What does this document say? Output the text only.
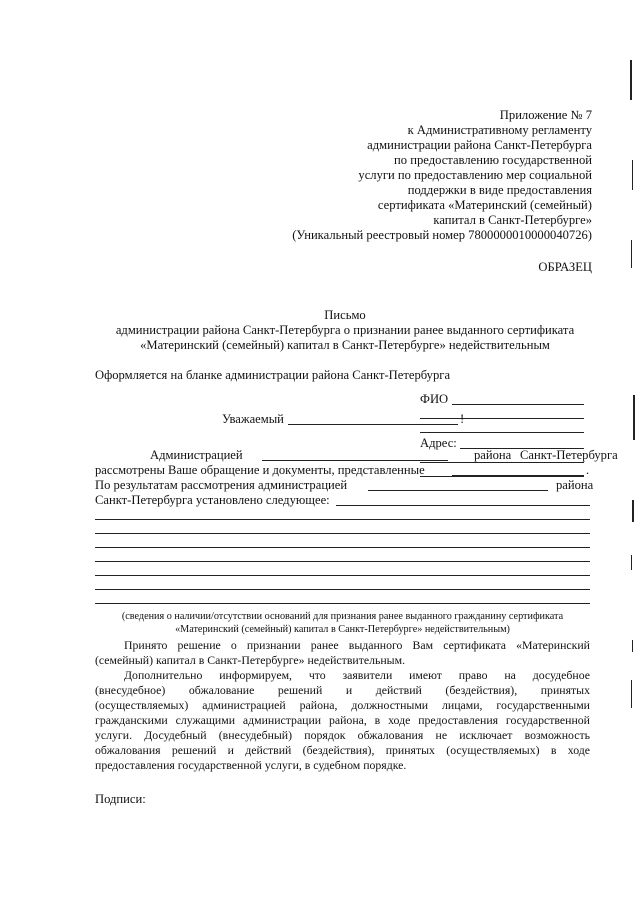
Приложение № 7
к Административному регламенту
администрации района Санкт-Петербурга
по предоставлению государственной
услуги по предоставлению мер социальной
поддержки в виде предоставления
сертификата «Материнский (семейный)
капитал в Санкт-Петербурге»
(Уникальный реестровый номер 7800000010000040726)
ОБРАЗЕЦ
Письмо
администрации района Санкт-Петербурга о признании ранее выданного сертификата
«Материнский (семейный) капитал в Санкт-Петербурге» недействительным
Оформляется на бланке администрации района Санкт-Петербурга
ФИО
Адрес:
Уважаемый	!
Администрацией	района Санкт-Петербурга
рассмотрены Ваше обращение и документы, представленные	.
По результатам рассмотрения администрацией	района
Санкт-Петербурга установлено следующее:
(сведения о наличии/отсутствии оснований для признания ранее выданного гражданину сертификата
«Материнский (семейный) капитал в Санкт-Петербурге» недействительным)
Принято решение о признании ранее выданного Вам сертификата «Материнский
(семейный) капитал в Санкт-Петербурге» недействительным.
Дополнительно информируем, что заявители имеют право на досудебное
(внесудебное) обжалование решений и действий (бездействия), принятых
(осуществляемых) администрацией района, должностными лицами, государственными
гражданскими служащими администрации района, в ходе предоставления государственной
услуги. Досудебный (внесудебный) порядок обжалования не исключает возможность
обжалования решений и действий (бездействия), принятых (осуществляемых) в ходе
предоставления государственной услуги, в судебном порядке.
Подписи:
